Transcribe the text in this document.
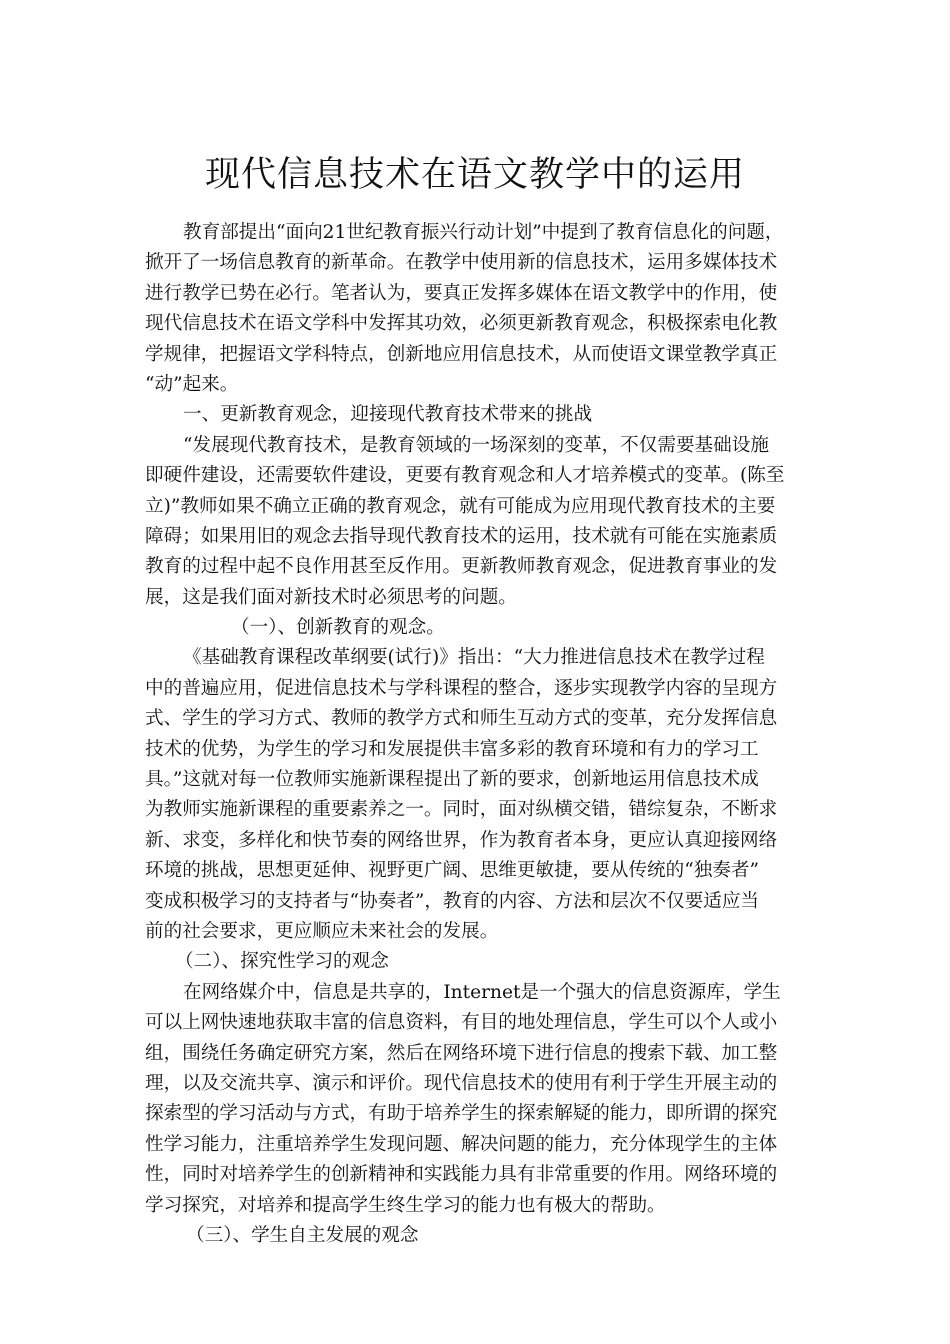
现代信息技术在语文教学中的运用
教育部提出“面向21世纪教育振兴行动计划”中提到了教育信息化的问题，
掀开了一场信息教育的新革命。在教学中使用新的信息技术，运用多媒体技术
进行教学已势在必行。笔者认为，要真正发挥多媒体在语文教学中的作用，使
现代信息技术在语文学科中发挥其功效，必须更新教育观念，积极探索电化教
学规律，把握语文学科特点，创新地应用信息技术，从而使语文课堂教学真正
“动”起来。
一、更新教育观念，迎接现代教育技术带来的挑战
“发展现代教育技术，是教育领域的一场深刻的变革，不仅需要基础设施
即硬件建设，还需要软件建设，更要有教育观念和人才培养模式的变革。(陈至
立)”教师如果不确立正确的教育观念，就有可能成为应用现代教育技术的主要
障碍；如果用旧的观念去指导现代教育技术的运用，技术就有可能在实施素质
教育的过程中起不良作用甚至反作用。更新教师教育观念，促进教育事业的发
展，这是我们面对新技术时必须思考的问题。
（一）、创新教育的观念。
《基础教育课程改革纲要(试行)》指出：“大力推进信息技术在教学过程
中的普遍应用，促进信息技术与学科课程的整合，逐步实现教学内容的呈现方
式、学生的学习方式、教师的教学方式和师生互动方式的变革，充分发挥信息
技术的优势，为学生的学习和发展提供丰富多彩的教育环境和有力的学习工
具。”这就对每一位教师实施新课程提出了新的要求，创新地运用信息技术成
为教师实施新课程的重要素养之一。同时，面对纵横交错，错综复杂，不断求
新、求变，多样化和快节奏的网络世界，作为教育者本身，更应认真迎接网络
环境的挑战，思想更延伸、视野更广阔、思维更敏捷，要从传统的“独奏者”
变成积极学习的支持者与“协奏者”，教育的内容、方法和层次不仅要适应当
前的社会要求，更应顺应未来社会的发展。
（二）、探究性学习的观念
在网络媒介中，信息是共享的，Internet是一个强大的信息资源库，学生
可以上网快速地获取丰富的信息资料，有目的地处理信息，学生可以个人或小
组，围绕任务确定研究方案，然后在网络环境下进行信息的搜索下载、加工整
理，以及交流共享、演示和评价。现代信息技术的使用有利于学生开展主动的
探索型的学习活动与方式，有助于培养学生的探索解疑的能力，即所谓的探究
性学习能力，注重培养学生发现问题、解决问题的能力，充分体现学生的主体
性，同时对培养学生的创新精神和实践能力具有非常重要的作用。网络环境的
学习探究，对培养和提高学生终生学习的能力也有极大的帮助。
（三）、学生自主发展的观念
